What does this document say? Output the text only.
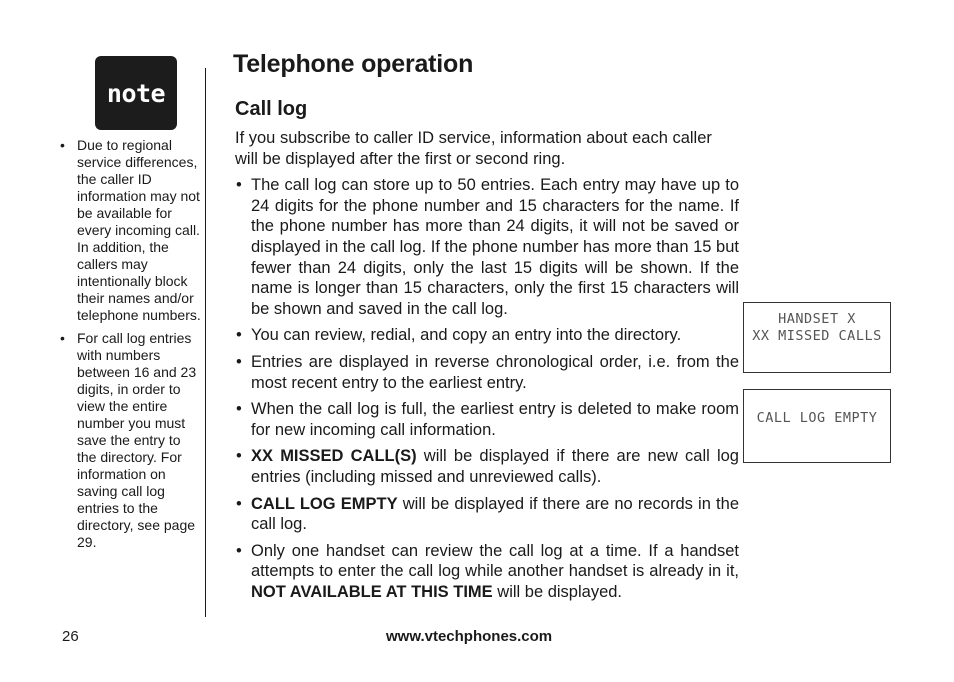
note
• Due to regional service differences, the caller ID information may not be available for every incoming call. In addition, the callers may intentionally block their names and/or telephone numbers.
• For call log entries with numbers between 16 and 23 digits, in order to view the entire number you must save the entry to the directory. For information on saving call log entries to the directory, see page 29.
Telephone operation
Call log

If you subscribe to caller ID service, information about each caller will be displayed after the first or second ring.

• The call log can store up to 50 entries. Each entry may have up to 24 digits for the phone number and 15 characters for the name. If the phone number has more than 24 digits, it will not be saved or displayed in the call log. If the phone number has more than 15 but fewer than 24 digits, only the last 15 digits will be shown. If the name is longer than 15 characters, only the first 15 characters will be shown and saved in the call log.
• You can review, redial, and copy an entry into the directory.
• Entries are displayed in reverse chronological order, i.e. from the most recent entry to the earliest entry.
• When the call log is full, the earliest entry is deleted to make room for new incoming call information.
• XX MISSED CALL(S) will be displayed if there are new call log entries (including missed and unreviewed calls).
• CALL LOG EMPTY will be displayed if there are no records in the call log.
• Only one handset can review the call log at a time. If a handset attempts to enter the call log while another handset is already in it, NOT AVAILABLE AT THIS TIME will be displayed.
HANDSET X
XX MISSED CALLS
CALL LOG EMPTY
26	www.vtechphones.com
